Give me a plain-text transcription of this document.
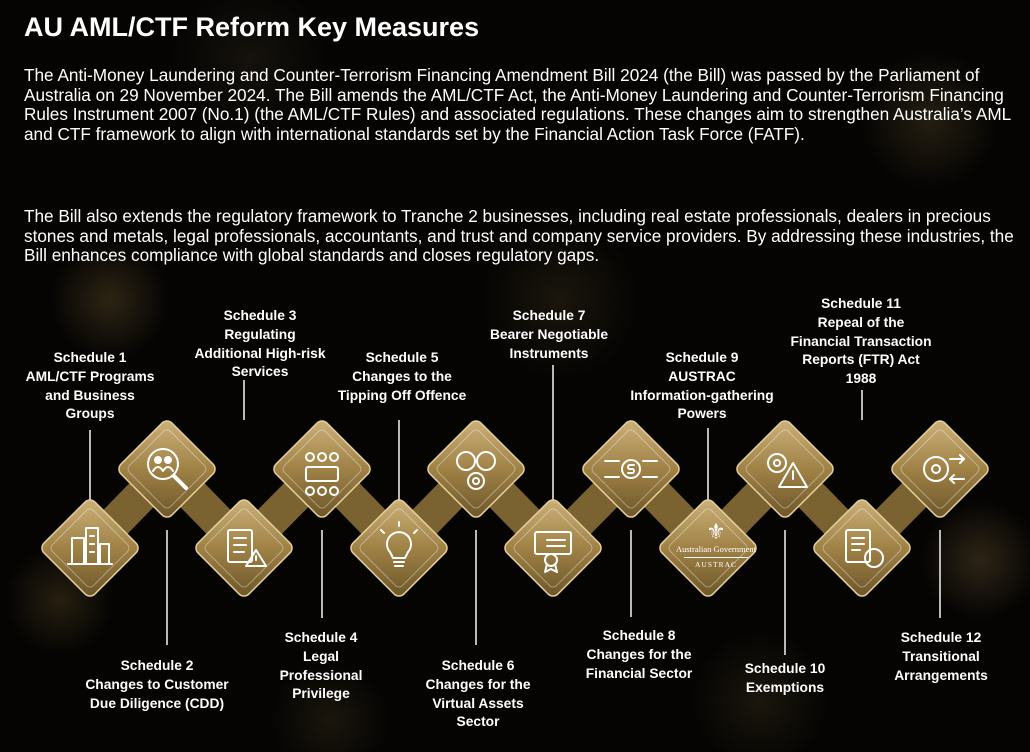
AU AML/CTF Reform Key Measures

The Anti-Money Laundering and Counter-Terrorism Financing Amendment Bill 2024 (the Bill) was passed by the Parliament of Australia on 29 November 2024. The Bill amends the AML/CTF Act, the Anti-Money Laundering and Counter-Terrorism Financing Rules Instrument 2007 (No.1) (the AML/CTF Rules) and associated regulations. These changes aim to strengthen Australia’s AML and CTF framework to align with international standards set by the Financial Action Task Force (FATF).

The Bill also extends the regulatory framework to Tranche 2 businesses, including real estate professionals, dealers in precious stones and metals, legal professionals, accountants, and trust and company service providers. By addressing these industries, the Bill enhances compliance with global standards and closes regulatory gaps.

Schedule 1
AML/CTF Programs
and Business
Groups
Schedule 2
Changes to Customer
Due Diligence (CDD)
Schedule 3
Regulating
Additional High-risk
Services
Schedule 4
Legal
Professional
Privilege
Schedule 5
Changes to the
Tipping Off Offence
Schedule 6
Changes for the
Virtual Assets
Sector
Schedule 7
Bearer Negotiable
Instruments
Schedule 8
Changes for the
Financial Sector
Schedule 9
AUSTRAC
Information-gathering
Powers
Schedule 10
Exemptions
Schedule 11
Repeal of the
Financial Transaction
Reports (FTR) Act
1988
Schedule 12
Transitional
Arrangements
⚜
Australian Government
AUSTRAC
